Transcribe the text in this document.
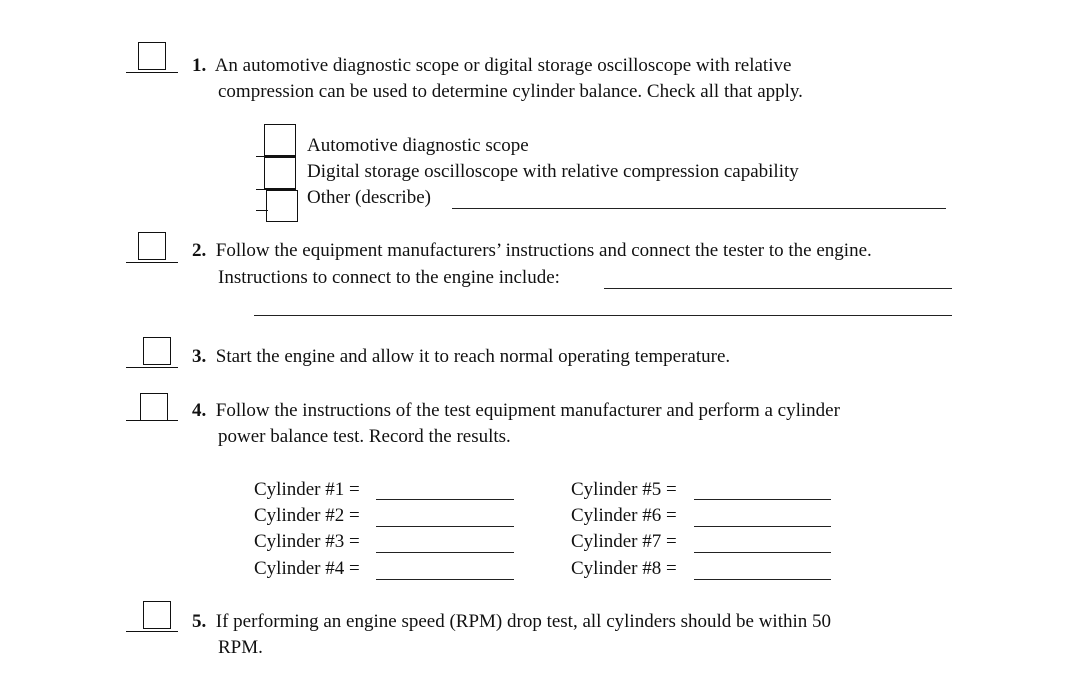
1. An automotive diagnostic scope or digital storage oscilloscope with relative
compression can be used to determine cylinder balance. Check all that apply.
Automotive diagnostic scope
Digital storage oscilloscope with relative compression capability
Other (describe)
2. Follow the equipment manufacturers’ instructions and connect the tester to the engine.
Instructions to connect to the engine include:
3. Start the engine and allow it to reach normal operating temperature.
4. Follow the instructions of the test equipment manufacturer and perform a cylinder
power balance test. Record the results.
Cylinder #1 =
Cylinder #2 =
Cylinder #3 =
Cylinder #4 =
Cylinder #5 =
Cylinder #6 =
Cylinder #7 =
Cylinder #8 =
5. If performing an engine speed (RPM) drop test, all cylinders should be within 50
RPM.
